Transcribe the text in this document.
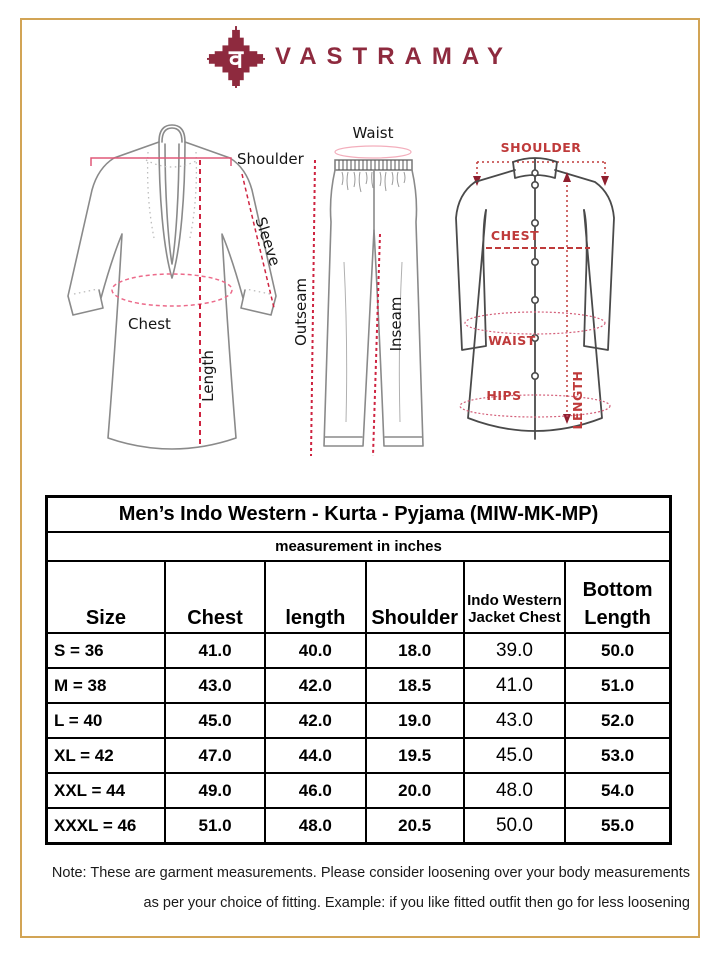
व VASTRAMAY
Shoulder
Chest
Sleeve
Length
Waist
Outseam	Inseam
SHOULDER
CHEST
WAIST
HIPS	LENGTH
Men’s Indo Western - Kurta - Pyjama (MIW-MK-MP)					
measurement in inches					
Size	Chest	length	Shoulder	Indo Western Jacket Chest	Bottom Length
S = 36	41.0	40.0	18.0	39.0	50.0
M = 38	43.0	42.0	18.5	41.0	51.0
L = 40	45.0	42.0	19.0	43.0	52.0
XL = 42	47.0	44.0	19.5	45.0	53.0
XXL = 44	49.0	46.0	20.0	48.0	54.0
XXXL = 46	51.0	48.0	20.5	50.0	55.0
Note: These are garment measurements. Please consider loosening over your body measurements
as per your choice of fitting. Example: if you like fitted outfit then go for less loosening
